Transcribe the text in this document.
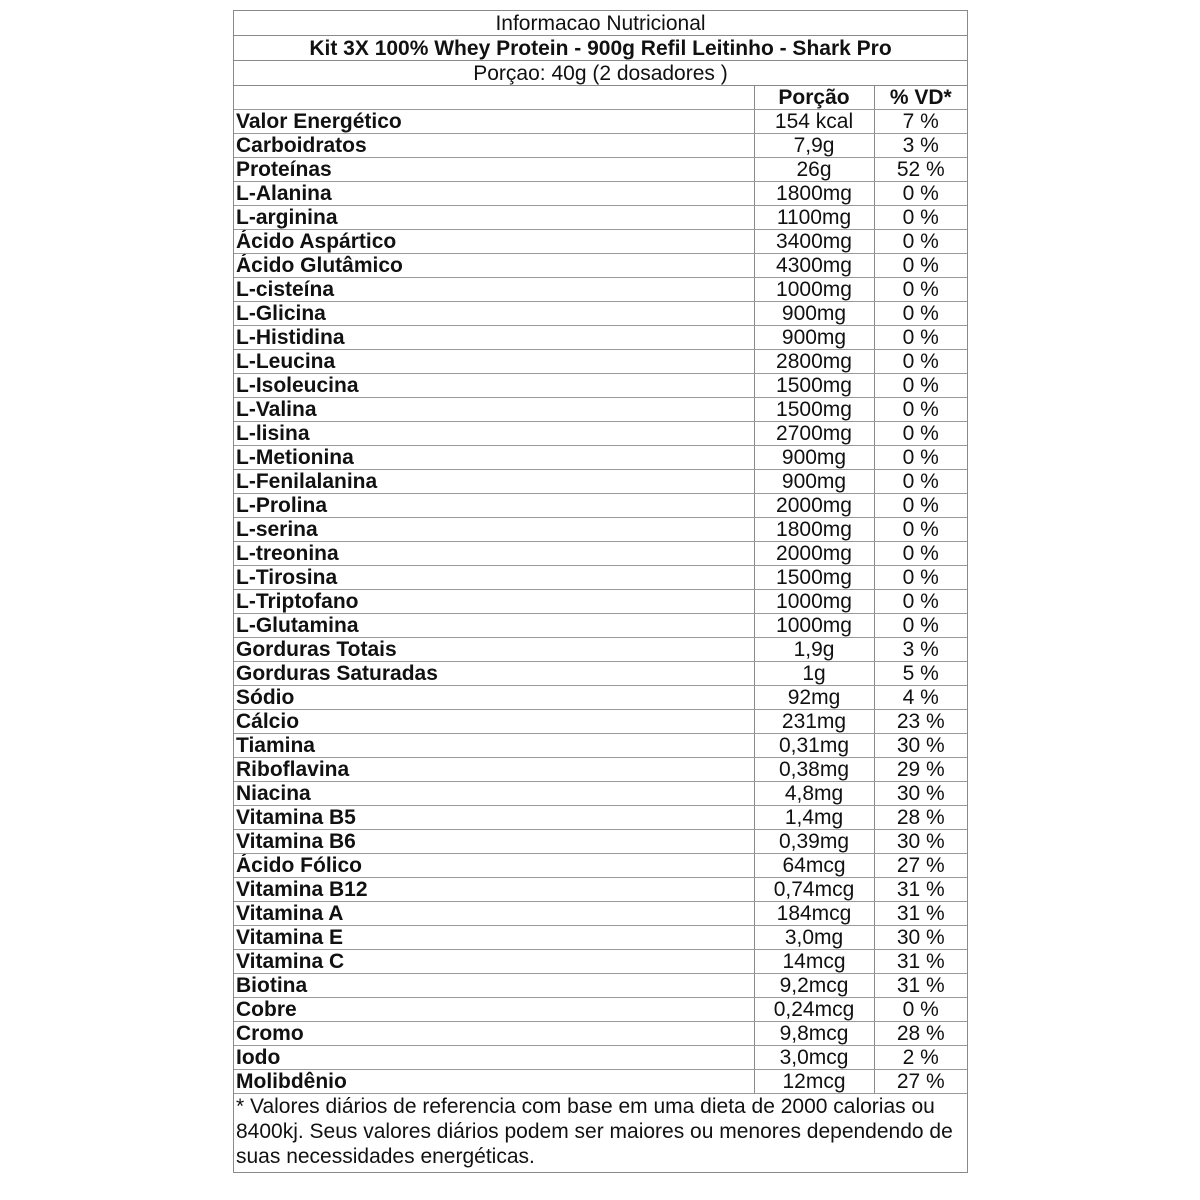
Informacao Nutricional
Kit 3X 100% Whey Protein - 900g Refil Leitinho - Shark Pro
Porçao: 40g (2 dosadores )
	Porção	% VD*
Valor Energético	154 kcal	7 %
Carboidratos	7,9g	3 %
Proteínas	26g	52 %
L-Alanina	1800mg	0 %
L-arginina	1100mg	0 %
Ácido Aspártico	3400mg	0 %
Ácido Glutâmico	4300mg	0 %
L-cisteína	1000mg	0 %
L-Glicina	900mg	0 %
L-Histidina	900mg	0 %
L-Leucina	2800mg	0 %
L-Isoleucina	1500mg	0 %
L-Valina	1500mg	0 %
L-lisina	2700mg	0 %
L-Metionina	900mg	0 %
L-Fenilalanina	900mg	0 %
L-Prolina	2000mg	0 %
L-serina	1800mg	0 %
L-treonina	2000mg	0 %
L-Tirosina	1500mg	0 %
L-Triptofano	1000mg	0 %
L-Glutamina	1000mg	0 %
Gorduras Totais	1,9g	3 %
Gorduras Saturadas	1g	5 %
Sódio	92mg	4 %
Cálcio	231mg	23 %
Tiamina	0,31mg	30 %
Riboflavina	0,38mg	29 %
Niacina	4,8mg	30 %
Vitamina B5	1,4mg	28 %
Vitamina B6	0,39mg	30 %
Ácido Fólico	64mcg	27 %
Vitamina B12	0,74mcg	31 %
Vitamina A	184mcg	31 %
Vitamina E	3,0mg	30 %
Vitamina C	14mcg	31 %
Biotina	9,2mcg	31 %
Cobre	0,24mcg	0 %
Cromo	9,8mcg	28 %
Iodo	3,0mcg	2 %
Molibdênio	12mcg	27 %
* Valores diários de referencia com base em uma dieta de 2000 calorias ou 8400kj. Seus valores diários podem ser maiores ou menores dependendo de suas necessidades energéticas.
